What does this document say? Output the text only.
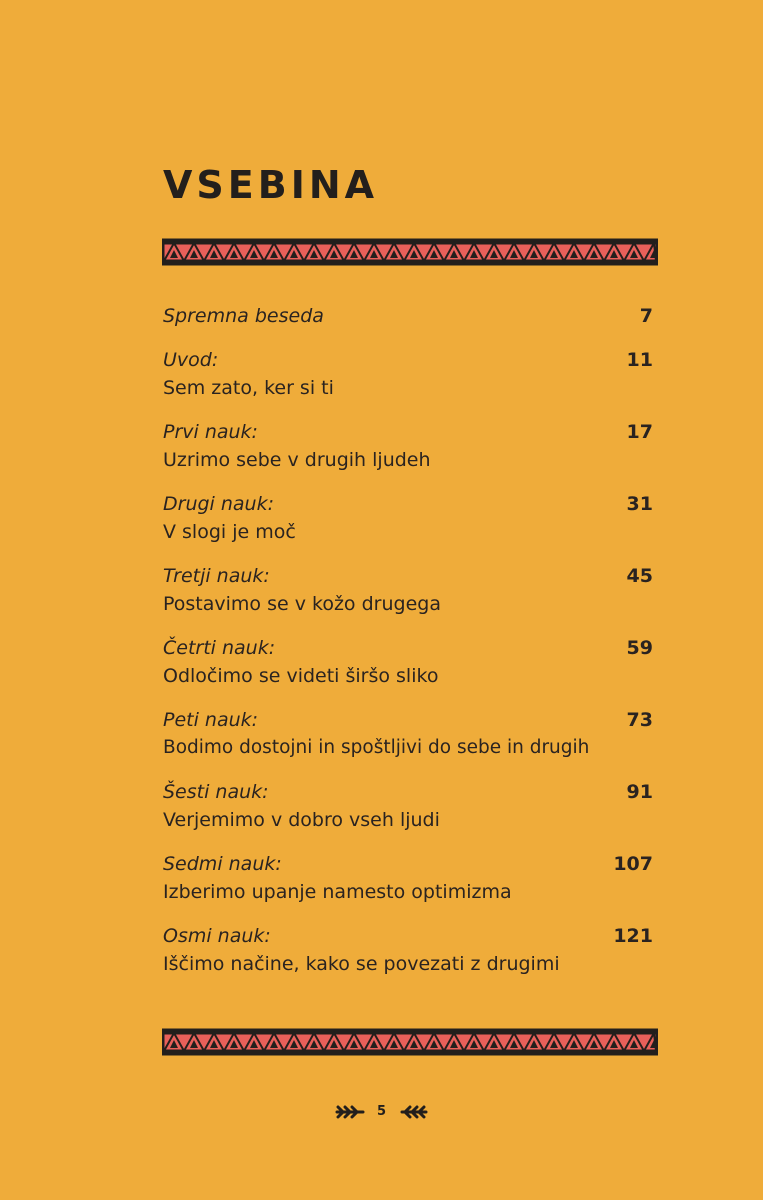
VSEBINA
Spremna beseda	7
Uvod:	11
Sem zato, ker si ti
Prvi nauk:	17
Uzrimo sebe v drugih ljudeh
Drugi nauk:	31
V slogi je moč
Tretji nauk:	45
Postavimo se v kožo drugega
Četrti nauk:	59
Odločimo se videti širšo sliko
Peti nauk:	73
Bodimo dostojni in spoštljivi do sebe in drugih
Šesti nauk:	91
Verjemimo v dobro vseh ljudi
Sedmi nauk:	107
Izberimo upanje namesto optimizma
Osmi nauk:	121
Iščimo načine, kako se povezati z drugimi
5
